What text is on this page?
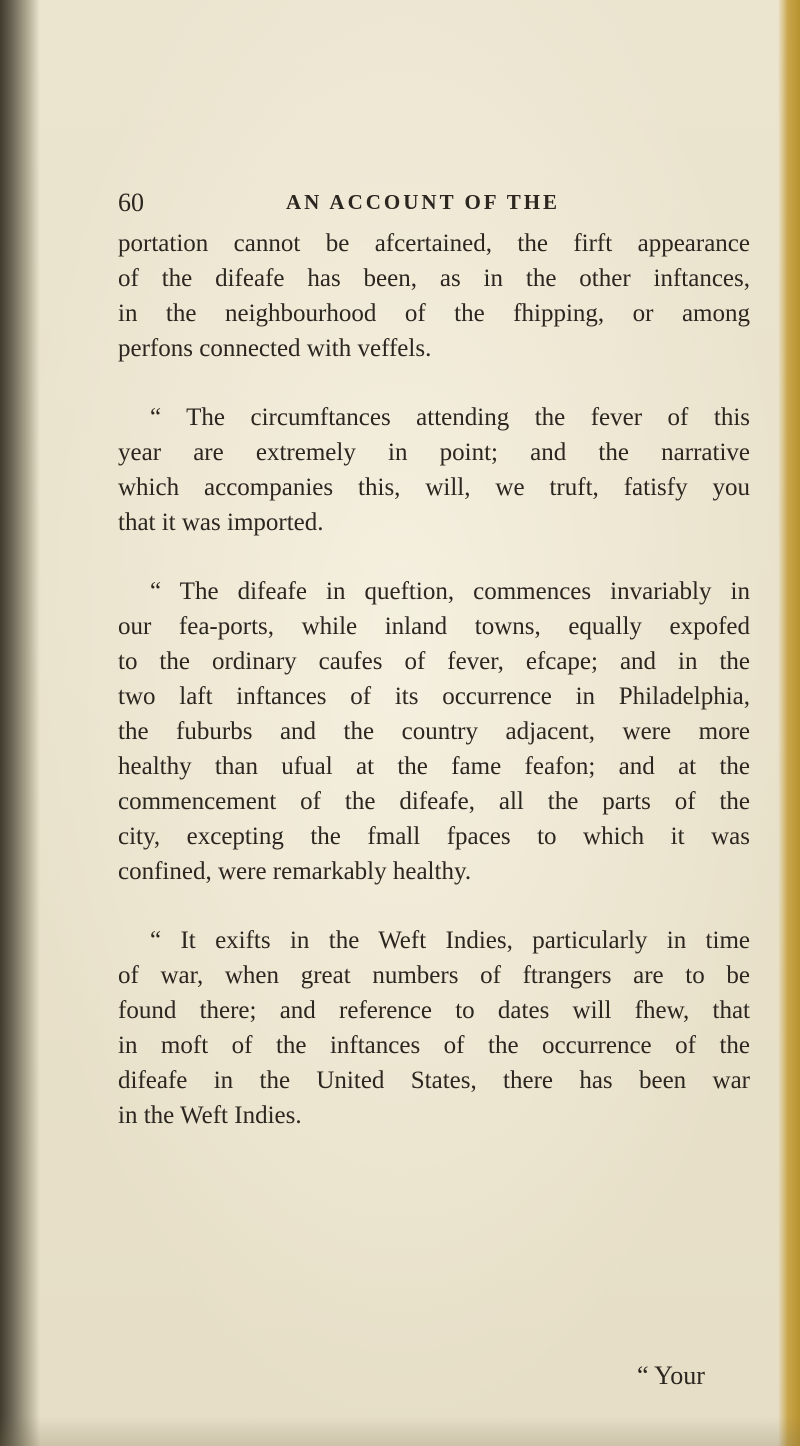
60	AN ACCOUNT OF THE
portation cannot be afcertained, the firft appearance
of the difeafe has been, as in the other inftances,
in the neighbourhood of the fhipping, or among
perfons connected with veffels.
“ The circumftances attending the fever of this
year are extremely in point; and the narrative
which accompanies this, will, we truft, fatisfy you
that it was imported.
“ The difeafe in queftion, commences invariably in
our fea-ports, while inland towns, equally expofed
to the ordinary caufes of fever, efcape; and in the
two laft inftances of its occurrence in Philadelphia,
the fuburbs and the country adjacent, were more
healthy than ufual at the fame feafon; and at the
commencement of the difeafe, all the parts of the
city, excepting the fmall fpaces to which it was
confined, were remarkably healthy.
“ It exifts in the Weft Indies, particularly in time
of war, when great numbers of ftrangers are to be
found there; and reference to dates will fhew, that
in moft of the inftances of the occurrence of the
difeafe in the United States, there has been war
in the Weft Indies.
“ Your
